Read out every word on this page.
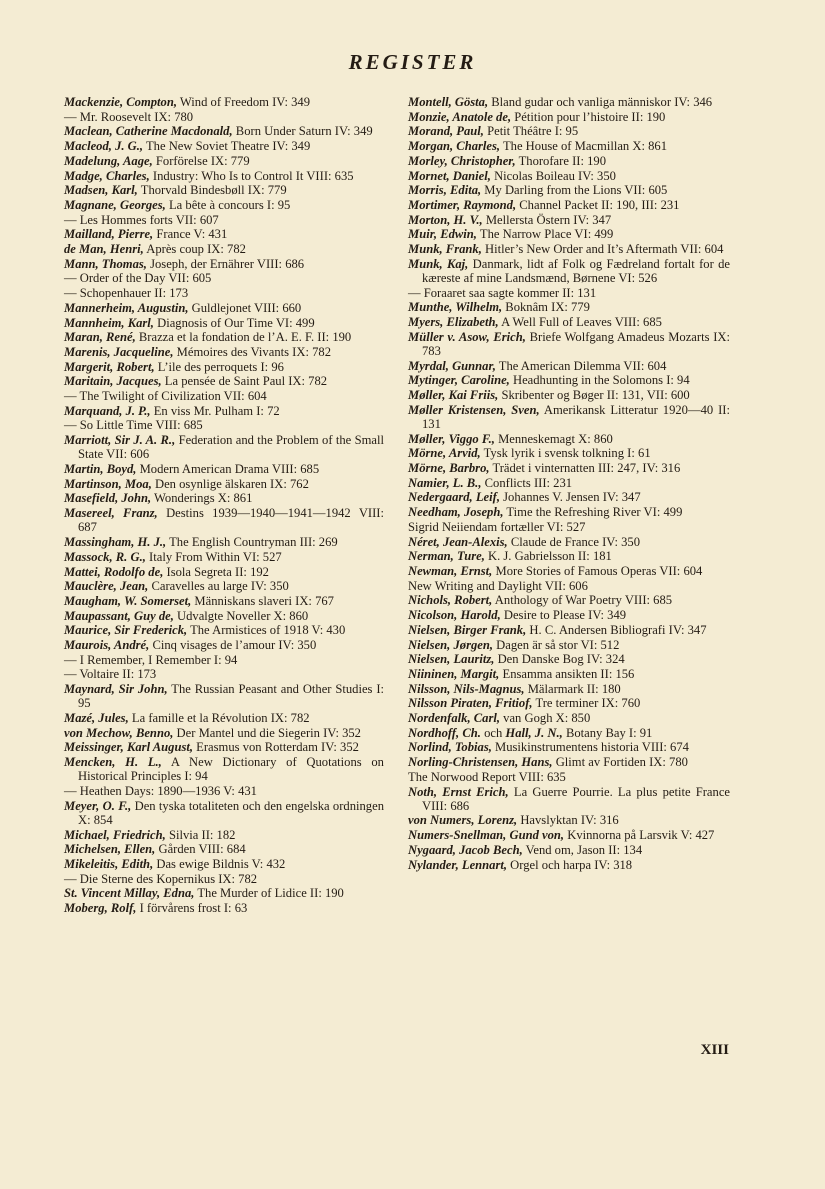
REGISTER
Mackenzie, Compton, Wind of Freedom IV: 349
— Mr. Roosevelt IX: 780
Maclean, Catherine Macdonald, Born Under Saturn IV: 349
Macleod, J. G., The New Soviet Theatre IV: 349
Madelung, Aage, Forförelse IX: 779
Madge, Charles, Industry: Who Is to Control It VIII: 635
Madsen, Karl, Thorvald Bindesbøll IX: 779
Magnane, Georges, La bête à concours I: 95
— Les Hommes forts VII: 607
Mailland, Pierre, France V: 431
de Man, Henri, Après coup IX: 782
Mann, Thomas, Joseph, der Ernährer VIII: 686
— Order of the Day VII: 605
— Schopenhauer II: 173
Mannerheim, Augustin, Guldlejonet VIII: 660
Mannheim, Karl, Diagnosis of Our Time VI: 499
Maran, René, Brazza et la fondation de l’A. E. F. II: 190
Marenis, Jacqueline, Mémoires des Vivants IX: 782
Margerit, Robert, L’ile des perroquets I: 96
Maritain, Jacques, La pensée de Saint Paul IX: 782
— The Twilight of Civilization VII: 604
Marquand, J. P., En viss Mr. Pulham I: 72
— So Little Time VIII: 685
Marriott, Sir J. A. R., Federation and the Problem of the Small State VII: 606
Martin, Boyd, Modern American Drama VIII: 685
Martinson, Moa, Den osynlige älskaren IX: 762
Masefield, John, Wonderings X: 861
Masereel, Franz, Destins 1939—1940—1941—1942 VIII: 687
Massingham, H. J., The English Countryman III: 269
Massock, R. G., Italy From Within VI: 527
Mattei, Rodolfo de, Isola Segreta II: 192
Mauclère, Jean, Caravelles au large IV: 350
Maugham, W. Somerset, Människans slaveri IX: 767
Maupassant, Guy de, Udvalgte Noveller X: 860
Maurice, Sir Frederick, The Armistices of 1918 V: 430
Maurois, André, Cinq visages de l’amour IV: 350
— I Remember, I Remember I: 94
— Voltaire II: 173
Maynard, Sir John, The Russian Peasant and Other Studies I: 95
Mazé, Jules, La famille et la Révolution IX: 782
von Mechow, Benno, Der Mantel und die Siegerin IV: 352
Meissinger, Karl August, Erasmus von Rotterdam IV: 352
Mencken, H. L., A New Dictionary of Quotations on Historical Principles I: 94
— Heathen Days: 1890—1936 V: 431
Meyer, O. F., Den tyska totaliteten och den engelska ordningen X: 854
Michael, Friedrich, Silvia II: 182
Michelsen, Ellen, Gården VIII: 684
Mikeleitis, Edith, Das ewige Bildnis V: 432
— Die Sterne des Kopernikus IX: 782
St. Vincent Millay, Edna, The Murder of Lidice II: 190
Moberg, Rolf, I förvårens frost I: 63
Montell, Gösta, Bland gudar och vanliga människor IV: 346
Monzie, Anatole de, Pétition pour l’histoire II: 190
Morand, Paul, Petit Théâtre I: 95
Morgan, Charles, The House of Macmillan X: 861
Morley, Christopher, Thorofare II: 190
Mornet, Daniel, Nicolas Boileau IV: 350
Morris, Edita, My Darling from the Lions VII: 605
Mortimer, Raymond, Channel Packet II: 190, III: 231
Morton, H. V., Mellersta Östern IV: 347
Muir, Edwin, The Narrow Place VI: 499
Munk, Frank, Hitler’s New Order and It’s Aftermath VII: 604
Munk, Kaj, Danmark, lidt af Folk og Fædreland fortalt for de kæreste af mine Landsmænd, Børnene VI: 526
— Foraaret saa sagte kommer II: 131
Munthe, Wilhelm, Boknâm IX: 779
Myers, Elizabeth, A Well Full of Leaves VIII: 685
Müller v. Asow, Erich, Briefe Wolfgang Amadeus Mozarts IX: 783
Myrdal, Gunnar, The American Dilemma VII: 604
Mytinger, Caroline, Headhunting in the Solomons I: 94
Møller, Kai Friis, Skribenter og Bøger II: 131, VII: 600
Møller Kristensen, Sven, Amerikansk Litteratur 1920—40 II: 131
Møller, Viggo F., Menneskemagt X: 860
Mörne, Arvid, Tysk lyrik i svensk tolkning I: 61
Mörne, Barbro, Trädet i vinternatten III: 247, IV: 316
Namier, L. B., Conflicts III: 231
Nedergaard, Leif, Johannes V. Jensen IV: 347
Needham, Joseph, Time the Refreshing River VI: 499
Sigrid Neiiendam fortæller VI: 527
Néret, Jean-Alexis, Claude de France IV: 350
Nerman, Ture, K. J. Gabrielsson II: 181
Newman, Ernst, More Stories of Famous Operas VII: 604
New Writing and Daylight VII: 606
Nichols, Robert, Anthology of War Poetry VIII: 685
Nicolson, Harold, Desire to Please IV: 349
Nielsen, Birger Frank, H. C. Andersen Bibliografi IV: 347
Nielsen, Jørgen, Dagen är så stor VI: 512
Nielsen, Lauritz, Den Danske Bog IV: 324
Niininen, Margit, Ensamma ansikten II: 156
Nilsson, Nils-Magnus, Mälarmark II: 180
Nilsson Piraten, Fritiof, Tre terminer IX: 760
Nordenfalk, Carl, van Gogh X: 850
Nordhoff, Ch. och Hall, J. N., Botany Bay I: 91
Norlind, Tobias, Musikinstrumentens historia VIII: 674
Norling-Christensen, Hans, Glimt av Fortiden IX: 780
The Norwood Report VIII: 635
Noth, Ernst Erich, La Guerre Pourrie. La plus petite France VIII: 686
von Numers, Lorenz, Havslyktan IV: 316
Numers-Snellman, Gund von, Kvinnorna på Larsvik V: 427
Nygaard, Jacob Bech, Vend om, Jason II: 134
Nylander, Lennart, Orgel och harpa IV: 318
XIII
